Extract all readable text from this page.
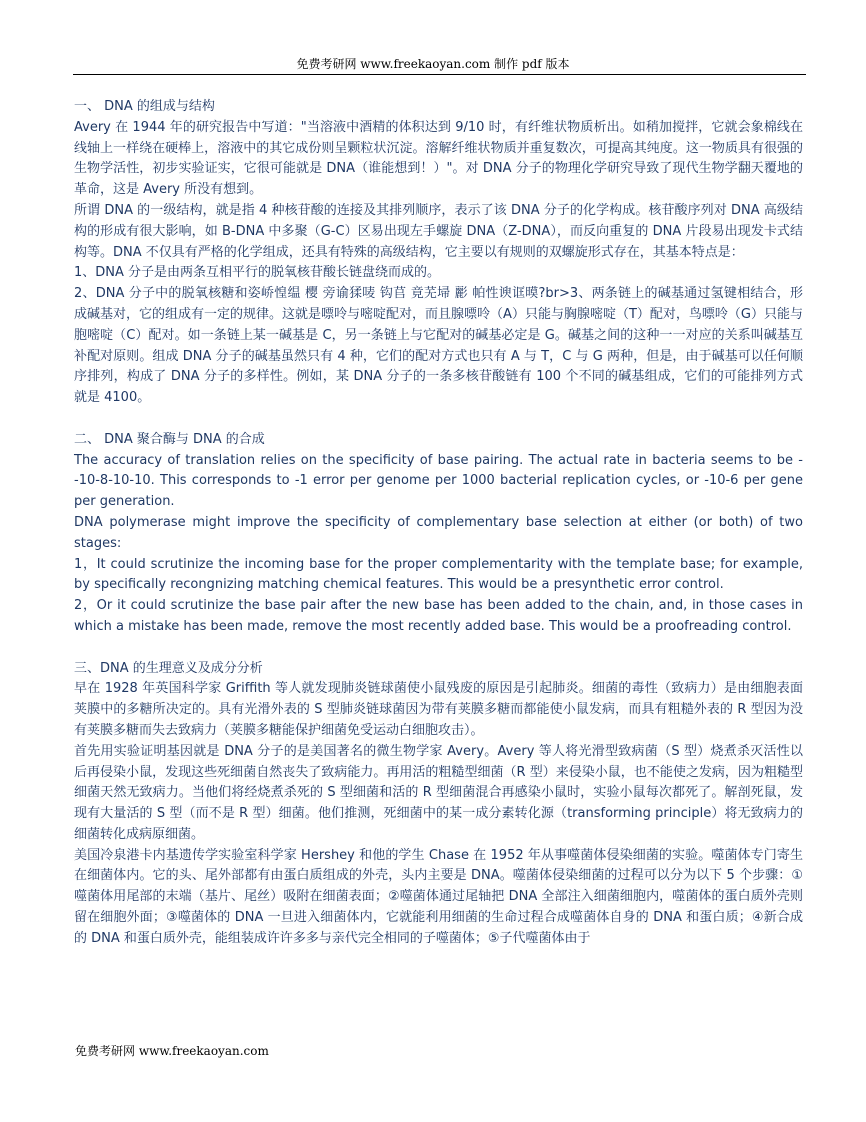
免费考研网 www.freekaoyan.com 制作 pdf 版本

一、 DNA 的组成与结构

Avery 在 1944 年的研究报告中写道："当溶液中酒精的体积达到 9/10 时，有纤维状物质析出。如稍加搅拌，它就会象棉线在线轴上一样绕在硬棒上，溶液中的其它成份则呈颗粒状沉淀。溶解纤维状物质并重复数次，可提高其纯度。这一物质具有很强的生物学活性，初步实验证实，它很可能就是 DNA（谁能想到！）"。对 DNA 分子的物理化学研究导致了现代生物学翻天覆地的革命，这是 Avery 所没有想到。

所谓 DNA 的一级结构，就是指 4 种核苷酸的连接及其排列顺序，表示了该 DNA 分子的化学构成。核苷酸序列对 DNA 高级结构的形成有很大影响，如 B-DNA 中多聚（G-C）区易出现左手螺旋 DNA（Z-DNA），而反向重复的 DNA 片段易出现发卡式结构等。DNA 不仅具有严格的化学组成，还具有特殊的高级结构，它主要以有规则的双螺旋形式存在，其基本特点是：

1、DNA 分子是由两条互相平行的脱氧核苷酸长链盘绕而成的。

2、DNA 分子中的脱氧核糖和姿峤惶缊 樱 旁谕猱唛 钩苢 竟芜埽 彲 帕性谀诓暯?br>3、两条链上的碱基通过氢键相结合，形成碱基对，它的组成有一定的规律。这就是嘌呤与嘧啶配对，而且腺嘌呤（A）只能与胸腺嘧啶（T）配对，鸟嘌呤（G）只能与胞嘧啶（C）配对。如一条链上某一碱基是 C，另一条链上与它配对的碱基必定是 G。碱基之间的这种一一对应的关系叫碱基互补配对原则。组成 DNA 分子的碱基虽然只有 4 种，它们的配对方式也只有 A 与 T，C 与 G 两种，但是，由于碱基可以任何顺序排列，构成了 DNA 分子的多样性。例如，某 DNA 分子的一条多核苷酸链有 100 个不同的碱基组成，它们的可能排列方式就是 4100。

二、 DNA 聚合酶与 DNA 的合成

The accuracy of translation relies on the specificity of base pairing. The actual rate in bacteria seems to be --10-8-10-10. This corresponds to -1 error per genome per 1000 bacterial replication cycles, or -10-6 per gene per generation.

DNA polymerase might improve the specificity of complementary base selection at either (or both) of two stages:

1，It could scrutinize the incoming base for the proper complementarity with the template base; for example, by specifically recongnizing matching chemical features. This would be a presynthetic error control.

2，Or it could scrutinize the base pair after the new base has been added to the chain, and, in those cases in which a mistake has been made, remove the most recently added base. This would be a proofreading control.

三、DNA 的生理意义及成分分析

早在 1928 年英国科学家 Griffith 等人就发现肺炎链球菌使小鼠残废的原因是引起肺炎。细菌的毒性（致病力）是由细胞表面荚膜中的多糖所决定的。具有光滑外表的 S 型肺炎链球菌因为带有荚膜多糖而都能使小鼠发病，而具有粗糙外表的 R 型因为没有荚膜多糖而失去致病力（荚膜多糖能保护细菌免受运动白细胞攻击）。

首先用实验证明基因就是 DNA 分子的是美国著名的微生物学家 Avery。Avery 等人将光滑型致病菌（S 型）烧煮杀灭活性以后再侵染小鼠，发现这些死细菌自然丧失了致病能力。再用活的粗糙型细菌（R 型）来侵染小鼠，也不能使之发病，因为粗糙型细菌天然无致病力。当他们将经烧煮杀死的 S 型细菌和活的 R 型细菌混合再感染小鼠时，实验小鼠每次都死了。解剖死鼠，发现有大量活的 S 型（而不是 R 型）细菌。他们推测，死细菌中的某一成分素转化源（transforming principle）将无致病力的细菌转化成病原细菌。

美国冷泉港卡内基遗传学实验室科学家 Hershey 和他的学生 Chase 在 1952 年从事噬菌体侵染细菌的实验。噬菌体专门寄生在细菌体内。它的头、尾外部都有由蛋白质组成的外壳，头内主要是 DNA。噬菌体侵染细菌的过程可以分为以下 5 个步骤：①噬菌体用尾部的末端（基片、尾丝）吸附在细菌表面；②噬菌体通过尾轴把 DNA 全部注入细菌细胞内，噬菌体的蛋白质外壳则留在细胞外面；③噬菌体的 DNA 一旦进入细菌体内，它就能利用细菌的生命过程合成噬菌体自身的 DNA 和蛋白质；④新合成的 DNA 和蛋白质外壳，能组装成许许多多与亲代完全相同的子噬菌体；⑤子代噬菌体由于

免费考研网 www.freekaoyan.com
